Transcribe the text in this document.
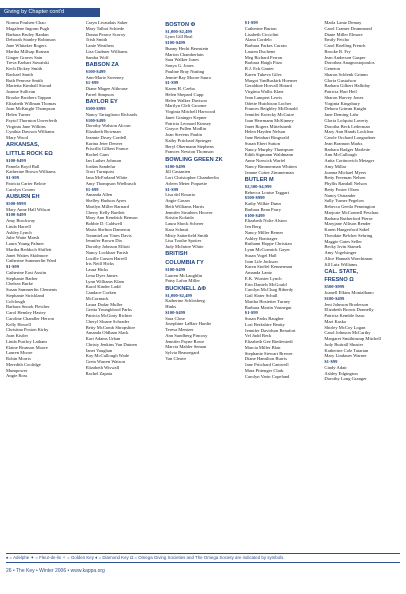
Giving by Chapter cont'd
Norma Poulsen-Chao
Magalene Ingram Pugh
Barbara Bruley Rankin
Deborah Stanley Robinson
Jane Whitaker Rogers
Martha Millsap Roman
Ginger Graves Sain
Treva Earhart Sawatski
Kech Dickey Smith
Rachael Smith
Ruth Penrose Smith
Marietta Kimball Stroud
Joanne Sullivan
Brooke Brothers Tappan
Elizabeth Willman Thomas
Joan McKnight Thompson
Helen Turner
Faytol Thornton Unverferth
Virginia Jane Wilkins
Cynthia Dawson Williams
Mary Wood
ARKANSAS,
LITTLE ROCK ΕΩ
$100-$499
Pamela Boyd Ball
Katherine Brown Williams
$1-$99
Patricia Carter Belote
Carolyn Croom
AUBURN EH
$500-$999
Mary Anne Hall Wilson
$100-$499
Amy Brockway
Linda Harrell
Ashley Lynch
Julie Waite Marsh
Laura Young Palmer
Martha Reddoch Shiflett
Janet Waites Skidmore
Catherine Summerlin Ward
$1-$99
Catherine East Austin
Stephanie Barber
Chelsea Burke
Susan Summerlin Clements
Stephanie Strickland
Colclough
Barbara Snook Fletcher
Carol Hemley Hastey
Caroline Chandler Herron
Kelly Howell
Christina Poston Kirby
Joan Kistler
Linda Purifoy Latham
Elaine Brunson Moore
Lauren Moore
Robin Morris
Meredith Coolidge
Mumpower
Angie Ross
Caryn Livaudais Saker
Mary Talbot Schiede
Donna Pearce Scoroy
Trish Smith
Lanie Weathers
Lisa Gudmer Williams
Sandra Wolf
BABSON ZA
$100-$499
Ann-Marie Sweeney
$1-$99
Diane Magee Althouse
Farrel Simpson
BAYLOR EY
$500-$999
Nancy Tartagliono Richards
$100-$499
Dorothy Walston Alcorn
Elizabeth Bowman
Jeannie Drury Cordell
Karina Jeter Denver
Priscilla Gilbert France
Rachel Gum
Jan Luther Johnson
Jordan Sandefur
Traci Turnquist
Jana McFarland White
Amy Thompson Wielbusch
$1-$99
Amanda Allen
Shelley Hudson Ayres
Marilyn Miller Barnard
Cherry Kelly Bartlett
Mary Ann Kendrick Benson
Bobbie D. Caldwell
Maria Shelton Dameron
TommieLou Vines Davis
Jennifer Brown Dix
Dorothy Johnson Elliott
Nancy Lockhart Farish
Lucille Carson Harrell
Iris Neill Hicks
Laura Hicks
Lena Dyer James
Lynn Williams Klam
Karol Kinder Ladd
Candace Corken
McCormack
Laura Dodar Muller
Gretta Youngblood Parks
Patricia McGinty Richter
Cheryl Sloane Schrader
Betty McComb Shropshire
Amanda Oldham Slack
Kari Adams Urban
Christy Jenkins Van Duinen
Janet Vaughan
Kay McCullough Wade
Greta Warren Watson
Elizabeth Wiswall
Rachel Zapata
BOSTON Φ
$1,000-$2,499
Lynn Gill Beal
$100-$499
Bunny Hecht Bernstein
Marion Chamberlain
Sara Walker Jones
Sonya G. Jones
Pauline Bray Nutting
Jennie-Ray Moore Sauro
$1-$99
Karen H. Czeba
Helen Shepard Cupp
Helen Walker Davison
Marilyn Cleft Groome
Virginia Mitchell Harwood
Janet Grainger Kepner
Patricia Leonard Kimsey
Grayce Pullen Modlin
Joan Stevens Paulin
Kathy Pritchard Springer
Beryl Obermann Stephens
Frances Newton Thomson
BOWLING GREEN ZK
$100-$499
Jill Castanien
Lori Christopher Chamberlin
Arleen Meier Poquette
$1-$99
Lisa del Rosario
Angie Gasser
Beth Williams Harris
Jennifer Struthers Hoover
Kristin Kolaida
Laura Shock Scherer
Kara Schmit
Misty Satterfield Smith
Lisa Toothe Spoiter
Judy McIntire White
BRITISH
COLUMBIA ΓΥ
$100-$499
Lauren McLaughlin
Patsy Lafon Miller
BUCKNELL ΔΦ
$1,000-$2,499
Katherine Schlosberg
Hinks
$100-$499
Sara Close
Josephine LaBarr Hardie
Teresa Mentzer
Ann Sundberg Pincosy
Jennifer Payne Rowe
Marcia Mahler Seman
Sylvia Beauregard
Van Cleave
$1-$99
Catherine Burton
Lisabeth Ciccolini
Alana Cordelo
Barbara Parkes Curran
Lauren Duchene
Meg Richard Ferron
Barbara Haigh Fitzo
B.J. Eck Ganter
Karen Tukeva Giles
Margot VanBuskirk Hoerner
Geraldine Horvall Hotard
Virginia Wallis Klaer
Jean Lampert Lewis
Odette Hutchison Locher
Frances Beighley McDonald
Jennifer Kotecky McGuire
Joan Herrmann McKinney
Janet Rogers Mittelstaedt
Helen Hayden Nelson
Jane Reinhart Ringwald
Susan Ebert Sutton
Nancy Murphy Thompson
Edith Sigmann Waldmann
Anne Norwick Warfel
Nancy Bimmerman Whitten
Jeanne Cotter Zimmerman
BUTLER M
$2,500-$4,999
Rebecca Louise Taggart
$500-$999
Kathy Wilkie Dunn
Barbara Bean Parry
$100-$499
Elizabeth Nolte Alston
Jen Berg
Nancy Miller Berner
Ashley Bontrager
Ruthann Hoppe Christian
Lynn McCormick Gayer
Susan Vogel Hall
Joan Life Jackson
Karen Stoffel Kennerman
Amanda Lantz
E.K. Wurster Lynch
Erin Daniels McGould
Carolyn McClurg Riberdy
Gail Slater Schull
Martha Hostetter Turney
Barbara Martin Vonnegut
$1-$99
Susan Parks Baugher
Lori Berkshire Beatty
Jennifer Davidson Beaufort
Vel Judd Beck
Elizabeth Gee Biederstedt
Marcia Miller Blair
Stephanie Stewart Brewer
Diane Hamilton Burris
Jane Pritchard Cantwell
Mara Pittenger Clark
Carolyn Varin Copeland
Marla Lantz Demay
Carol Cramer Drummond
Diane Miller Elmore
Emily Fetcho
Carol Roelling French
Brooke R. Fry
Jean Anderson Gasper
Dorothea Anagnostopoulos
Geneton
Sharon Schlenk Grimm
Gloria Gustafson
Barbara Gilbert Halliday
Patricia Hart Heil
Sharon Harvey Jones
Virginia Kingsbury
Debora Grimm Knight
Jane Deming Lahr
Gloria Lofquist Laverty
Dorotha Beck Lederman
Mary Ann Hands Locklear
Carole Orchard Longardner
Jean Brannon Marks
Barbara Badger Marlette
Ann McCullough
Anita Cortinovich Metzger
Amy Millar
Joanna Michael Myers
Betty Freeman Nelsen
Phyllis Randall Nelson
Betty Foster Olsen
Nancy Ostrander
Sally Turner Pegelow
Rebecca Geetla Pennington
Marjorie McConnell Peschau
Barbara Rutherford Pierse
Maryjane Allison Render
Karen Hangerford Sakel
Theodate Belcher Sehring
Maggie Gates Seller
Becky Irvin Stamek
Amy Vogelsinger
Alice Hannah Waechtman
Jill Lutz Williams
CAL. STATE,
FRESNO Ω
$500-$999
Joanell Elkins Montalbano
$100-$499
Jeni Johnson Broderson
Elizabeth Brown Donnelly
Patricia Kemble Isaac
Mari Kaska
Shirley McCoy Logan
Carol Johnson McCarthy
Margaret Smithtrump Mitchell
Judy Buttrall Shuster
Katherine Cole Tatarian
Mary Lindauer Warner
$1-$99
Cindy Adair
Ashley Edgington
Dorothy Long Granger
♠ = Adelphe ✦ = Fleur-de-lis ✧ = Golden Key ♦ = Diamond Key Ω = Omega Giving Societies and The Omega Society are indicated by symbols.
26 • The Key • Winter 2006 • www.kappa.org
